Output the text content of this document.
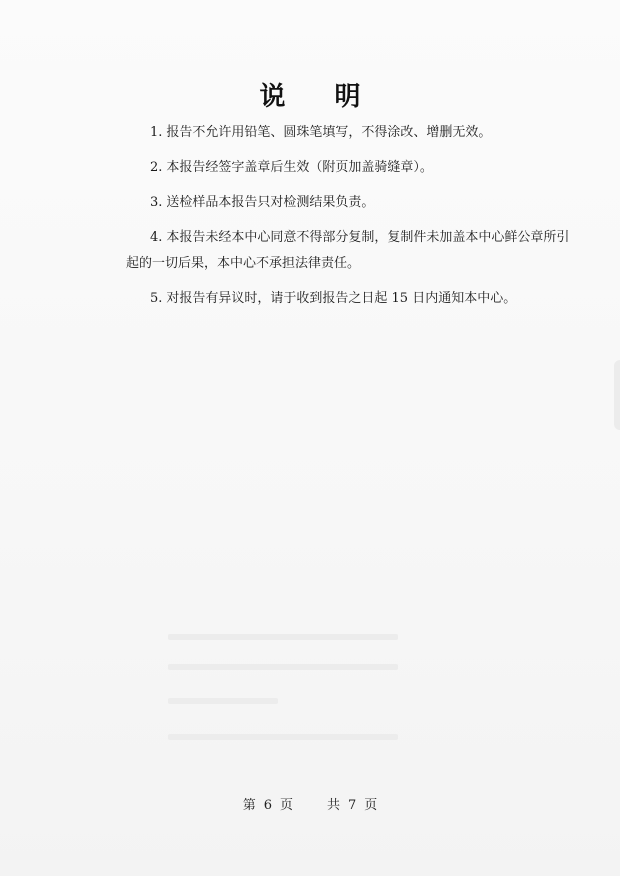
说 明
1. 报告不允许用铅笔、圆珠笔填写，不得涂改、增删无效。
2. 本报告经签字盖章后生效（附页加盖骑缝章）。
3. 送检样品本报告只对检测结果负责。
4. 本报告未经本中心同意不得部分复制，复制件未加盖本中心鲜公章所引
起的一切后果，本中心不承担法律责任。
5. 对报告有异议时，请于收到报告之日起 15 日内通知本中心。
第 6 页	共 7 页
